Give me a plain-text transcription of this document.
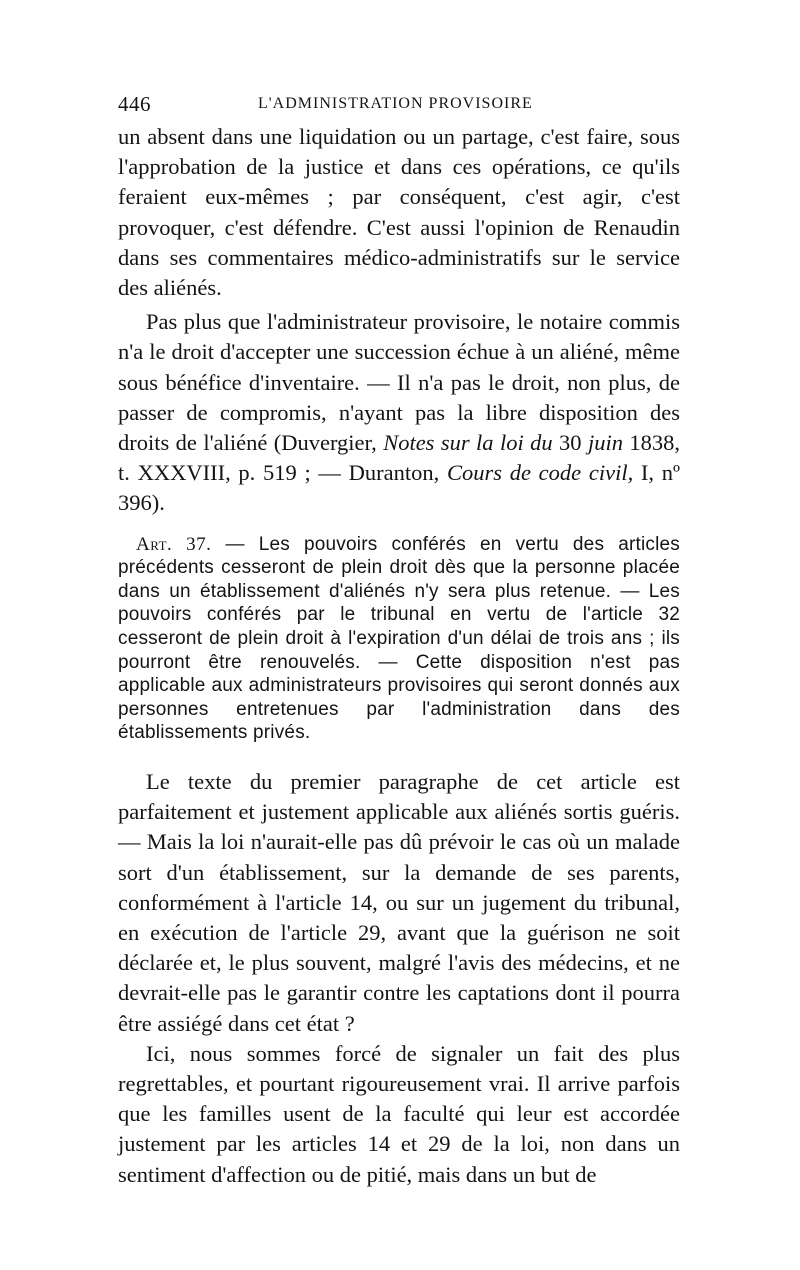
446	L'ADMINISTRATION PROVISOIRE

un absent dans une liquidation ou un partage, c'est faire, sous l'approbation de la justice et dans ces opérations, ce qu'ils feraient eux-mêmes ; par conséquent, c'est agir, c'est provoquer, c'est défendre. C'est aussi l'opinion de Renaudin dans ses commentaires médico-administratifs sur le service des aliénés.

Pas plus que l'administrateur provisoire, le notaire commis n'a le droit d'accepter une succession échue à un aliéné, même sous bénéfice d'inventaire. — Il n'a pas le droit, non plus, de passer de compromis, n'ayant pas la libre disposition des droits de l'aliéné (Duvergier, Notes sur la loi du 30 juin 1838, t. XXXVIII, p. 519 ; — Duranton, Cours de code civil, I, nº 396).

Art. 37. — Les pouvoirs conférés en vertu des articles précédents cesseront de plein droit dès que la personne placée dans un établissement d'aliénés n'y sera plus retenue. — Les pouvoirs conférés par le tribunal en vertu de l'article 32 cesseront de plein droit à l'expiration d'un délai de trois ans ; ils pourront être renouvelés. — Cette disposition n'est pas applicable aux administrateurs provisoires qui seront donnés aux personnes entretenues par l'administration dans des établissements privés.

Le texte du premier paragraphe de cet article est parfaitement et justement applicable aux aliénés sortis guéris. — Mais la loi n'aurait-elle pas dû prévoir le cas où un malade sort d'un établissement, sur la demande de ses parents, conformément à l'article 14, ou sur un jugement du tribunal, en exécution de l'article 29, avant que la guérison ne soit déclarée et, le plus souvent, malgré l'avis des médecins, et ne devrait-elle pas le garantir contre les captations dont il pourra être assiégé dans cet état ?

Ici, nous sommes forcé de signaler un fait des plus regrettables, et pourtant rigoureusement vrai. Il arrive parfois que les familles usent de la faculté qui leur est accordée justement par les articles 14 et 29 de la loi, non dans un sentiment d'affection ou de pitié, mais dans un but de
